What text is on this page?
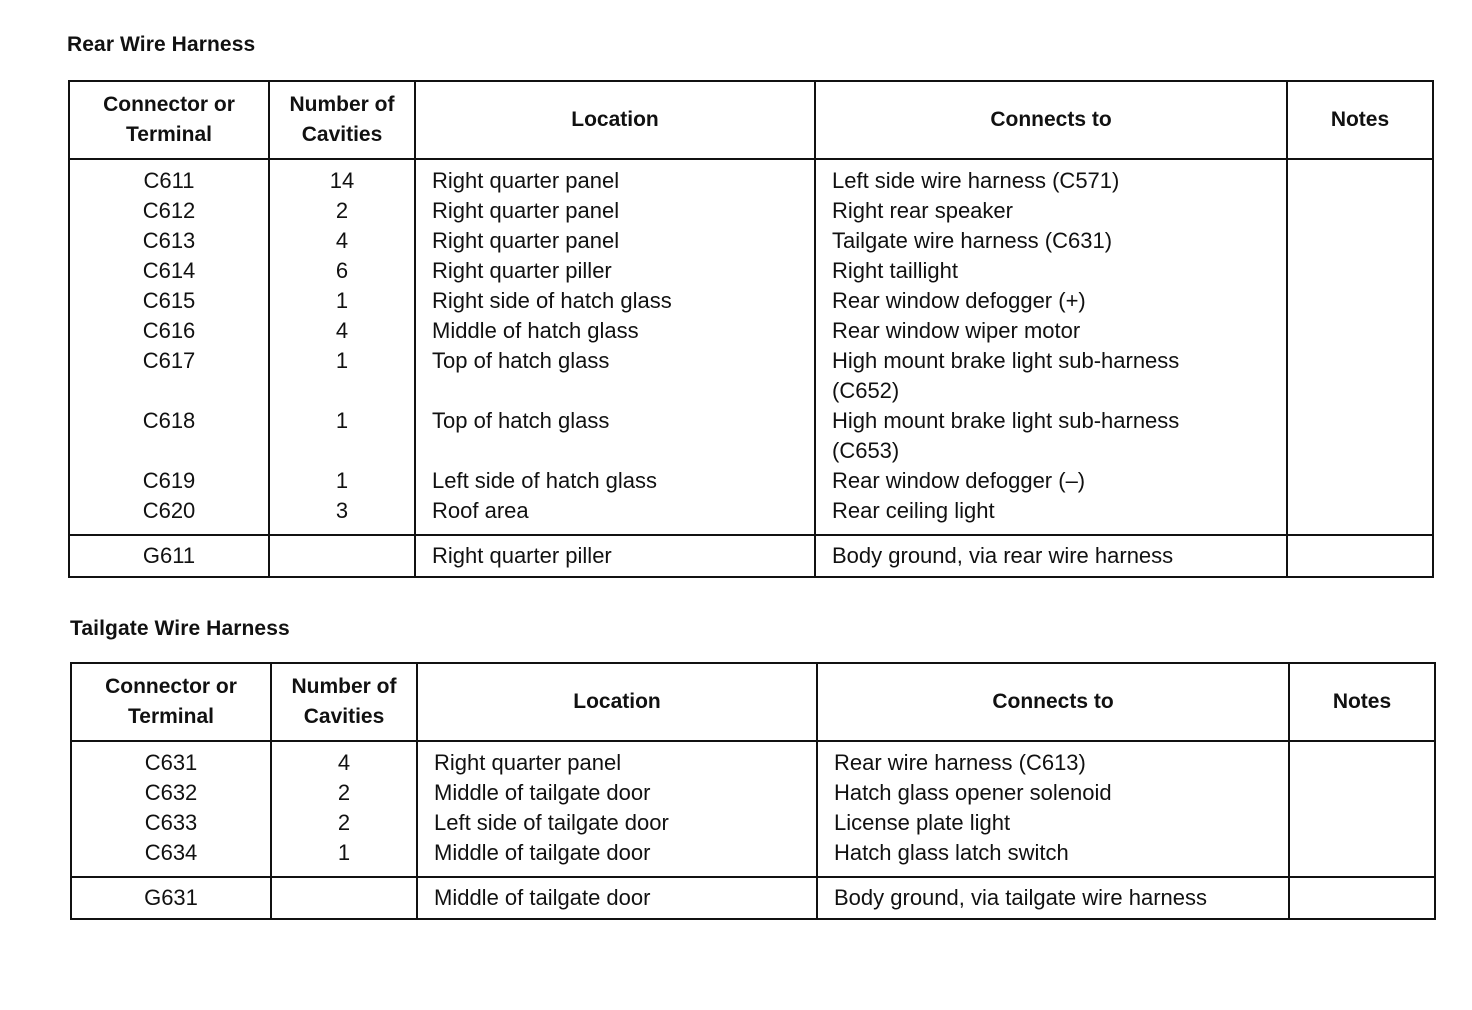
Rear Wire Harness
Connector or
Terminal	Number of
Cavities	Location	Connects to	Notes
C611	14	Right quarter panel	Left side wire harness (C571)	
C612	2	Right quarter panel	Right rear speaker	
C613	4	Right quarter panel	Tailgate wire harness (C631)	
C614	6	Right quarter piller	Right taillight	
C615	1	Right side of hatch glass	Rear window defogger (+)	
C616	4	Middle of hatch glass	Rear window wiper motor	
C617	1	Top of hatch glass	High mount brake light sub-harness
(C652)	
C618	1	Top of hatch glass	High mount brake light sub-harness
(C653)	
C619	1	Left side of hatch glass	Rear window defogger (–)	
C620	3	Roof area	Rear ceiling light	
G611		Right quarter piller	Body ground, via rear wire harness	
Tailgate Wire Harness
Connector or
Terminal	Number of
Cavities	Location	Connects to	Notes
C631	4	Right quarter panel	Rear wire harness (C613)	
C632	2	Middle of tailgate door	Hatch glass opener solenoid	
C633	2	Left side of tailgate door	License plate light	
C634	1	Middle of tailgate door	Hatch glass latch switch	
G631		Middle of tailgate door	Body ground, via tailgate wire harness	
